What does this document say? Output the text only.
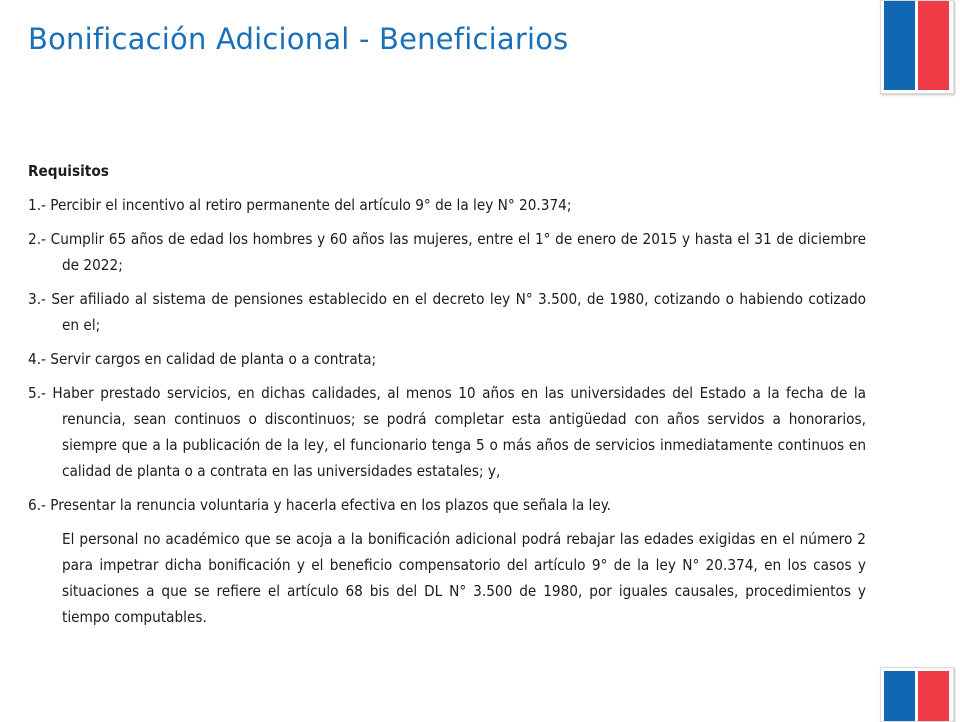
Bonificación Adicional - Beneficiarios

Requisitos

1.- Percibir el incentivo al retiro permanente del artículo 9° de la ley N° 20.374;

2.- Cumplir 65 años de edad los hombres y 60 años las mujeres, entre el 1° de enero de 2015 y hasta el 31 de diciembre de 2022;

3.- Ser afiliado al sistema de pensiones establecido en el decreto ley N° 3.500, de 1980, cotizando o habiendo cotizado en el;

4.- Servir cargos en calidad de planta o a contrata;

5.- Haber prestado servicios, en dichas calidades, al menos 10 años en las universidades del Estado a la fecha de la renuncia, sean continuos o discontinuos; se podrá completar esta antigüedad con años servidos a honorarios, siempre que a la publicación de la ley, el funcionario tenga 5 o más años de servicios inmediatamente continuos en calidad de planta o a contrata en las universidades estatales; y,

6.- Presentar la renuncia voluntaria y hacerla efectiva en los plazos que señala la ley.

El personal no académico que se acoja a la bonificación adicional podrá rebajar las edades exigidas en el número 2 para impetrar dicha bonificación y el beneficio compensatorio del artículo 9° de la ley N° 20.374, en los casos y situaciones a que se refiere el artículo 68 bis del DL N° 3.500 de 1980, por iguales causales, procedimientos y tiempo computables.
